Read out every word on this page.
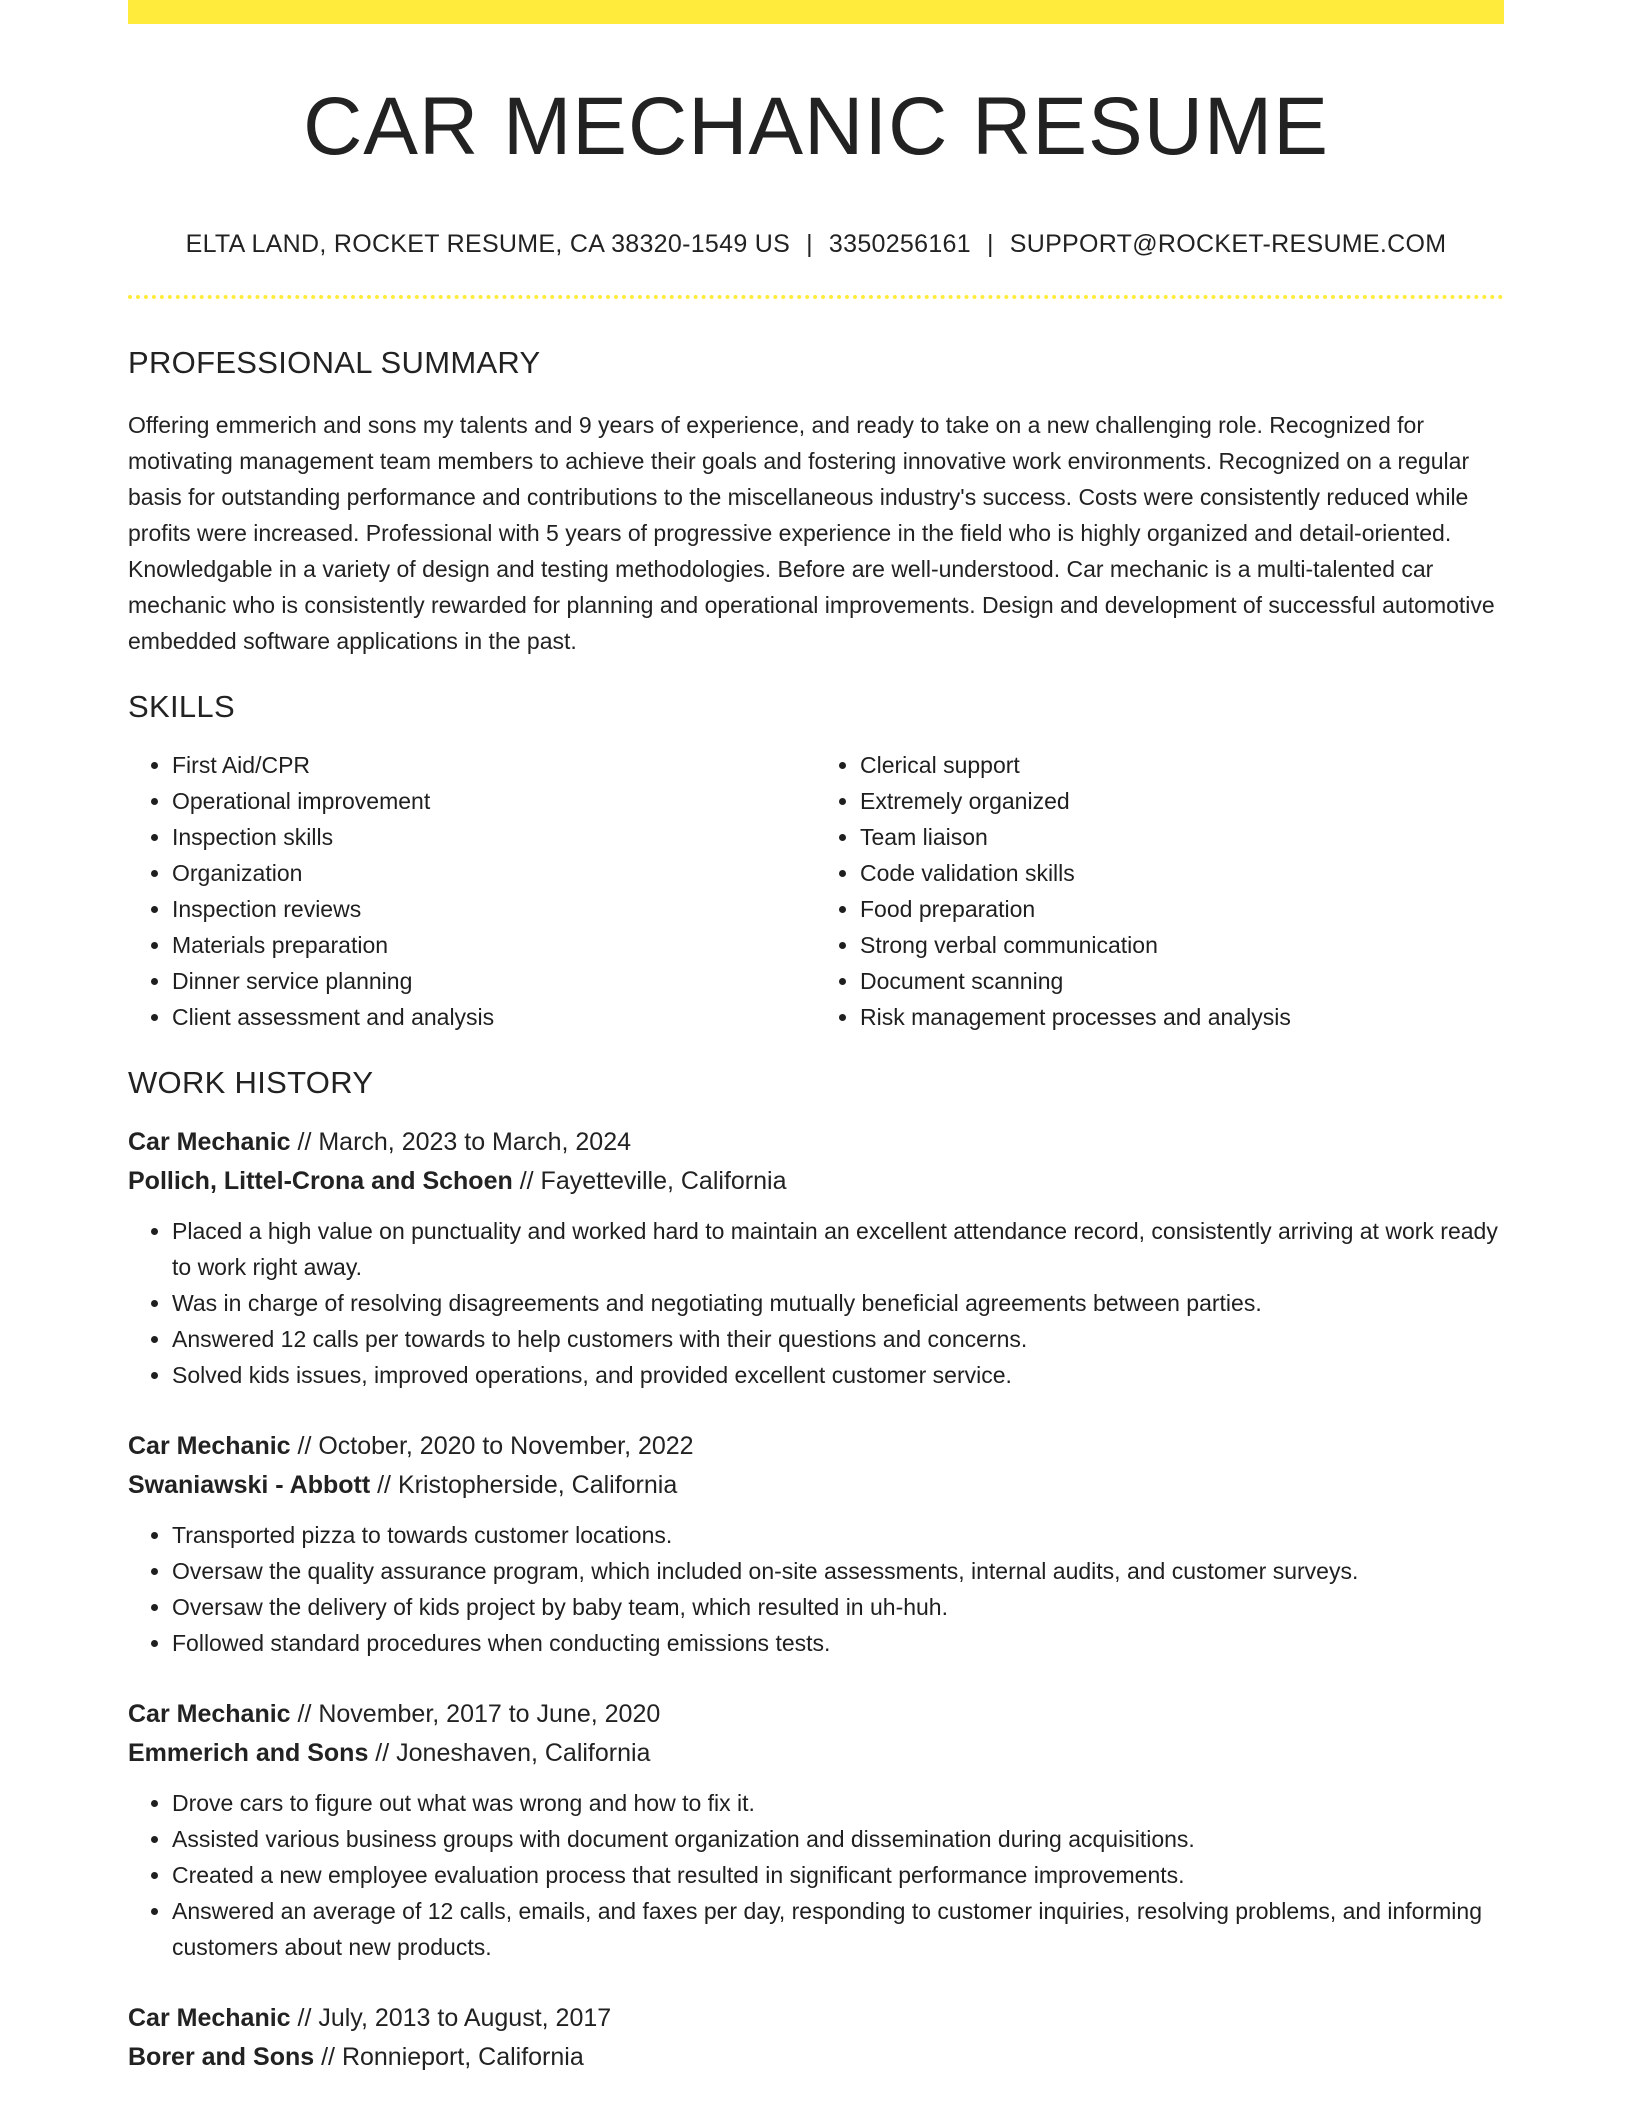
CAR MECHANIC RESUME
ELTA LAND, ROCKET RESUME, CA 38320-1549 US | 3350256161 | SUPPORT@ROCKET-RESUME.COM
PROFESSIONAL SUMMARY

Offering emmerich and sons my talents and 9 years of experience, and ready to take on a new challenging role. Recognized for motivating management team members to achieve their goals and fostering innovative work environments. Recognized on a regular basis for outstanding performance and contributions to the miscellaneous industry's success. Costs were consistently reduced while profits were increased. Professional with 5 years of progressive experience in the field who is highly organized and detail-oriented. Knowledgable in a variety of design and testing methodologies. Before are well-understood. Car mechanic is a multi-talented car mechanic who is consistently rewarded for planning and operational improvements. Design and development of successful automotive embedded software applications in the past.

SKILLS
• First Aid/CPR
• Operational improvement
• Inspection skills
• Organization
• Inspection reviews
• Materials preparation
• Dinner service planning
• Client assessment and analysis
• Clerical support
• Extremely organized
• Team liaison
• Code validation skills
• Food preparation
• Strong verbal communication
• Document scanning
• Risk management processes and analysis
WORK HISTORY
Car Mechanic // March, 2023 to March, 2024
Pollich, Littel-Crona and Schoen // Fayetteville, California
• Placed a high value on punctuality and worked hard to maintain an excellent attendance record, consistently arriving at work ready to work right away.
• Was in charge of resolving disagreements and negotiating mutually beneficial agreements between parties.
• Answered 12 calls per towards to help customers with their questions and concerns.
• Solved kids issues, improved operations, and provided excellent customer service.
Car Mechanic // October, 2020 to November, 2022
Swaniawski - Abbott // Kristopherside, California
• Transported pizza to towards customer locations.
• Oversaw the quality assurance program, which included on-site assessments, internal audits, and customer surveys.
• Oversaw the delivery of kids project by baby team, which resulted in uh-huh.
• Followed standard procedures when conducting emissions tests.
Car Mechanic // November, 2017 to June, 2020
Emmerich and Sons // Joneshaven, California
• Drove cars to figure out what was wrong and how to fix it.
• Assisted various business groups with document organization and dissemination during acquisitions.
• Created a new employee evaluation process that resulted in significant performance improvements.
• Answered an average of 12 calls, emails, and faxes per day, responding to customer inquiries, resolving problems, and informing customers about new products.
Car Mechanic // July, 2013 to August, 2017
Borer and Sons // Ronnieport, California
